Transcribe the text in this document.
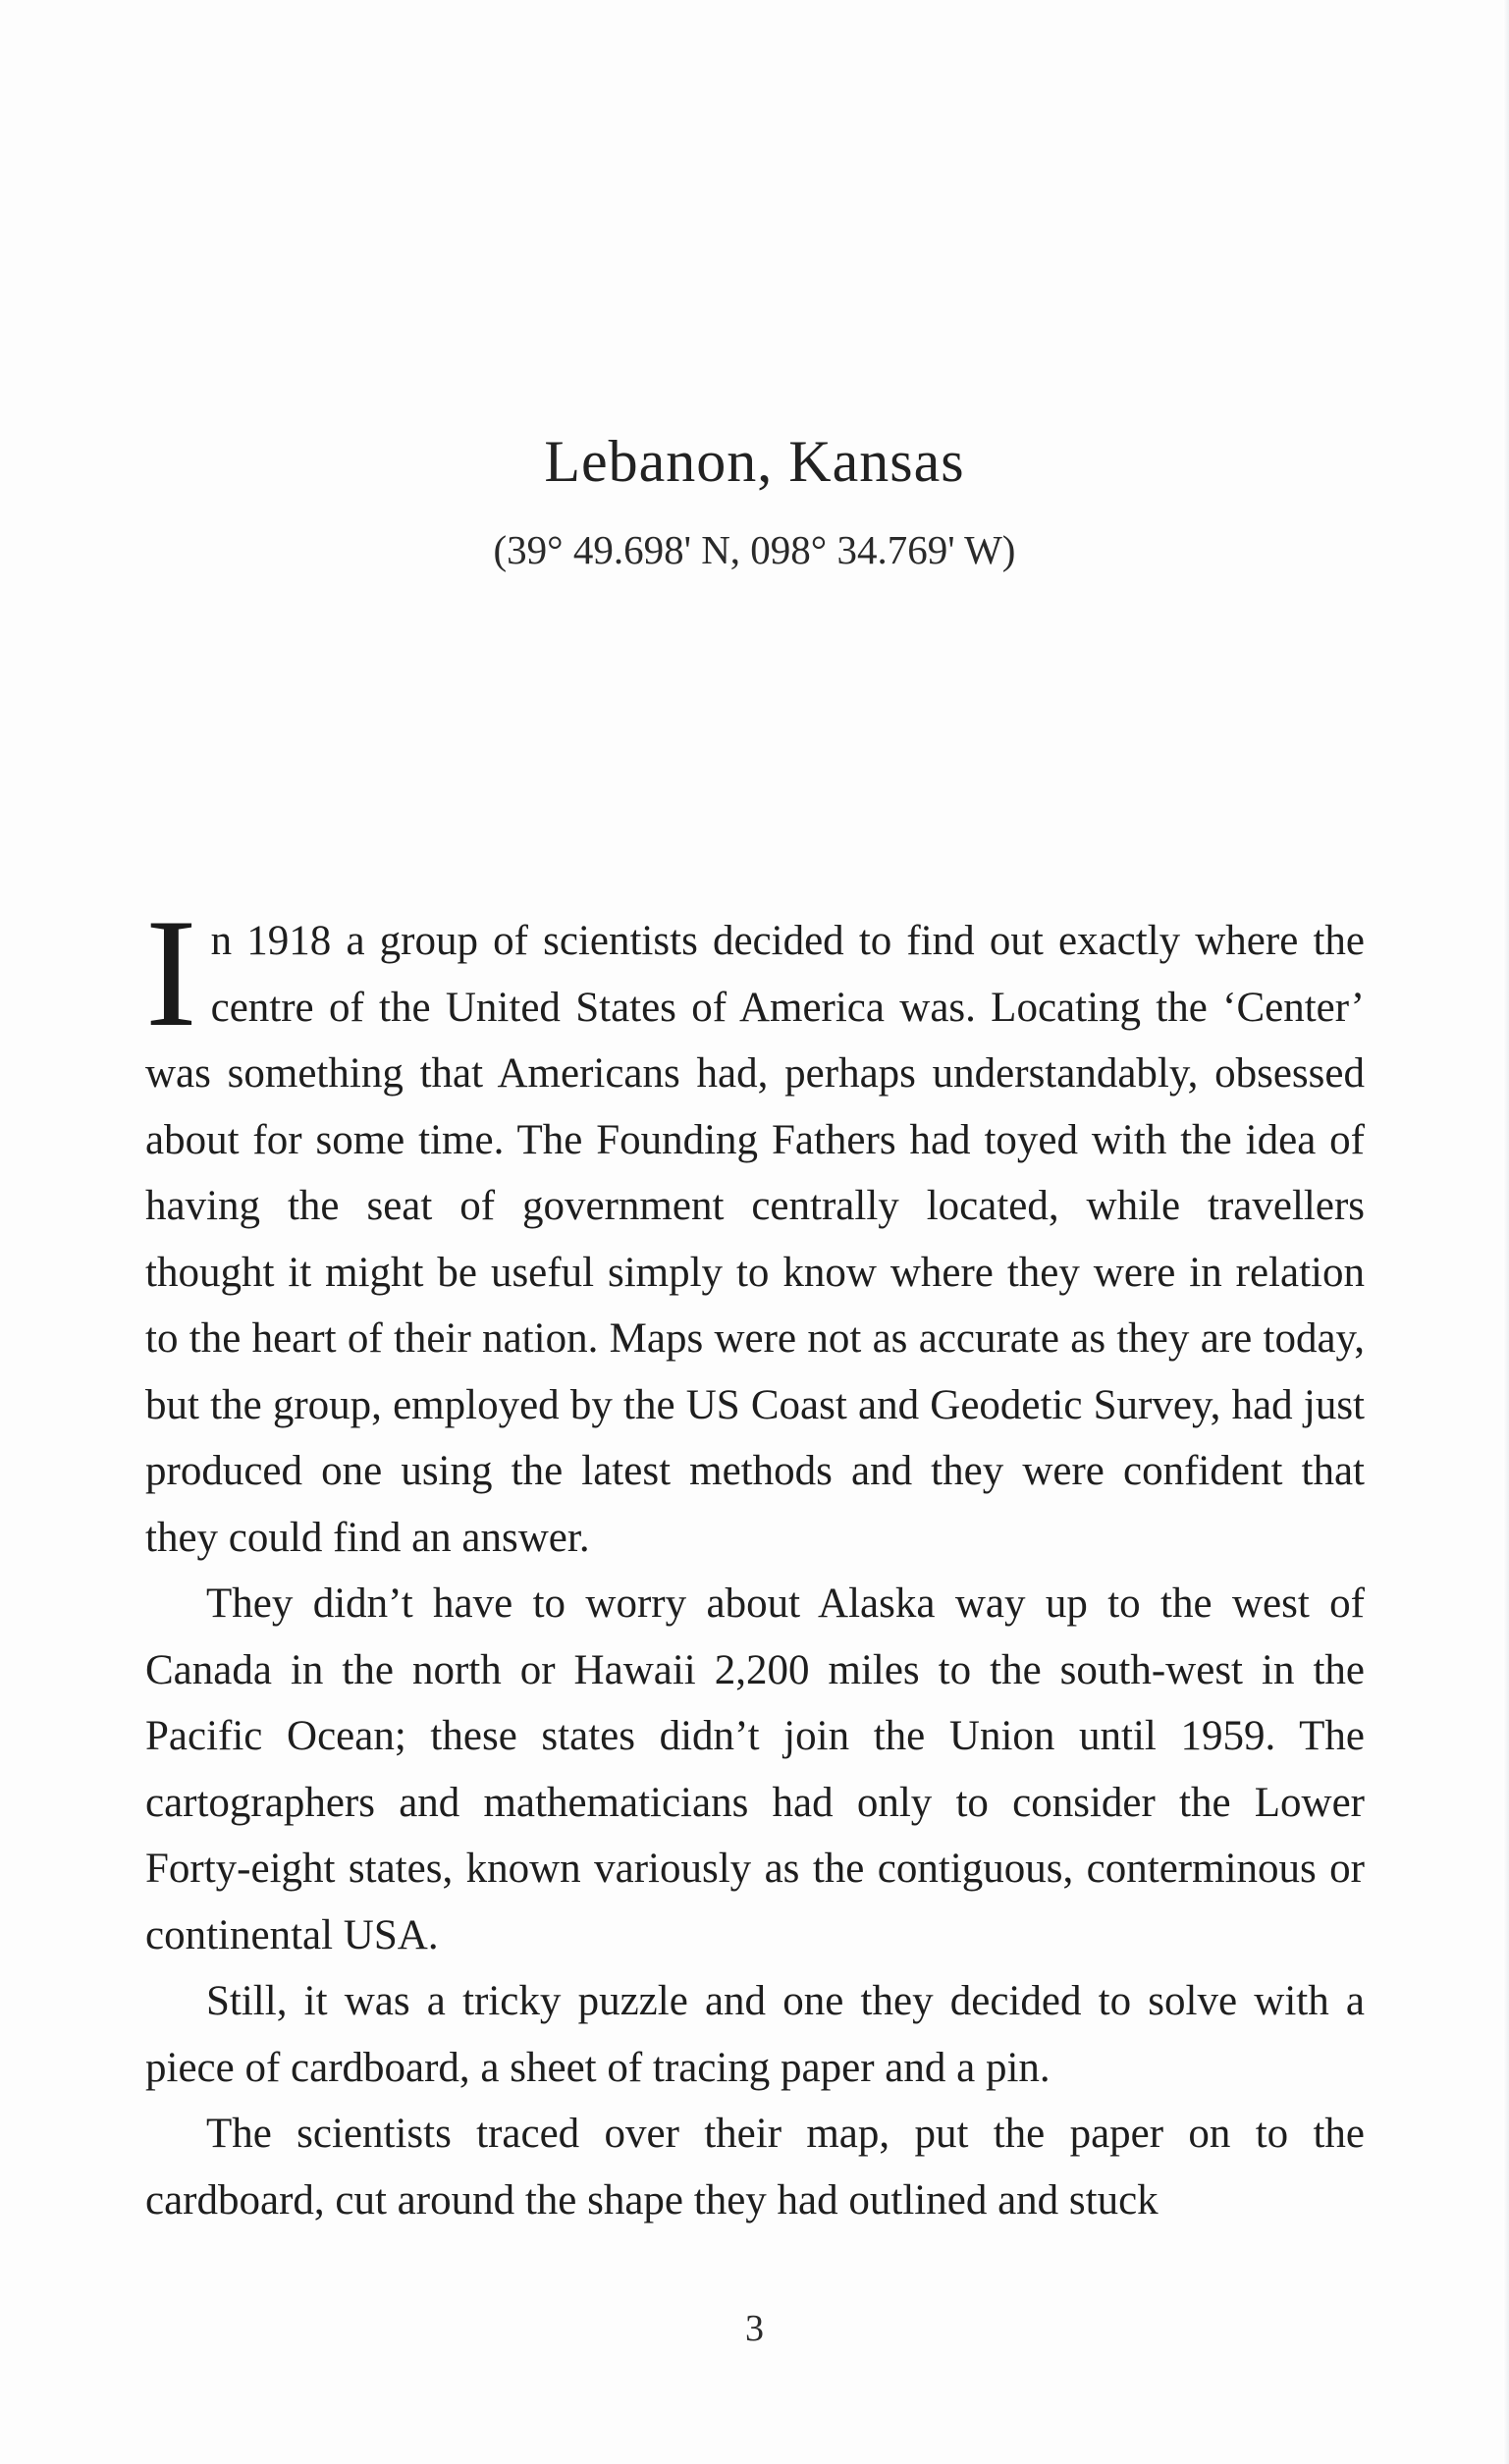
Lebanon, Kansas
(39° 49.698' N, 098° 34.769' W)

In 1918 a group of scientists decided to find out exactly where the centre of the United States of America was. Locating the ‘Center’ was something that Americans had, perhaps understandably, obsessed about for some time. The Founding Fathers had toyed with the idea of having the seat of government centrally located, while travellers thought it might be useful simply to know where they were in relation to the heart of their nation. Maps were not as accurate as they are today, but the group, employed by the US Coast and Geodetic Survey, had just produced one using the latest methods and they were confident that they could find an answer.

They didn’t have to worry about Alaska way up to the west of Canada in the north or Hawaii 2,200 miles to the south-west in the Pacific Ocean; these states didn’t join the Union until 1959. The cartographers and mathematicians had only to consider the Lower Forty-eight states, known variously as the contiguous, conterminous or continental USA.

Still, it was a tricky puzzle and one they decided to solve with a piece of cardboard, a sheet of tracing paper and a pin.

The scientists traced over their map, put the paper on to the cardboard, cut around the shape they had outlined and stuck

3
